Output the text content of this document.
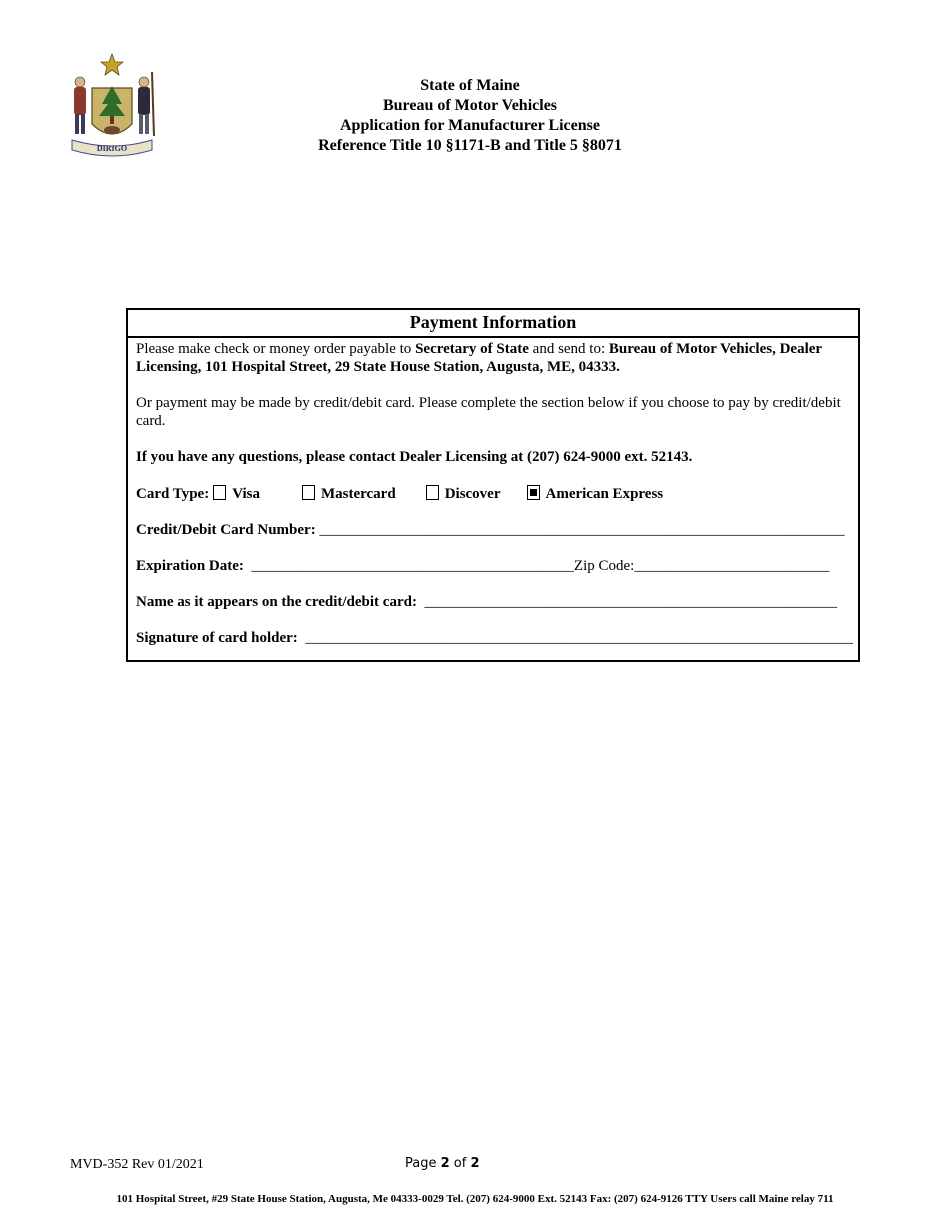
DIRIGO
State of Maine
Bureau of Motor Vehicles
Application for Manufacturer License
Reference Title 10 §1171-B and Title 5 §8071
Payment Information

Please make check or money order payable to Secretary of State and send to: Bureau of Motor Vehicles, Dealer Licensing, 101 Hospital Street, 29 State House Station, Augusta, ME, 04333.

Or payment may be made by credit/debit card. Please complete the section below if you choose to pay by credit/debit card.

If you have any questions, please contact Dealer Licensing at (207) 624-9000 ext. 52143.

Card Type: Visa	Mastercard	Discover	American Express
Credit/Debit Card Number: ______________________________________________________________________
Expiration Date: ___________________________________________Zip Code:__________________________
Name as it appears on the credit/debit card: _______________________________________________________
Signature of card holder: _________________________________________________________________________
MVD-352 Rev 01/2021	Page 2 of 2
101 Hospital Street, #29 State House Station, Augusta, Me 04333-0029 Tel. (207) 624-9000 Ext. 52143 Fax: (207) 624-9126 TTY Users call Maine relay 711
